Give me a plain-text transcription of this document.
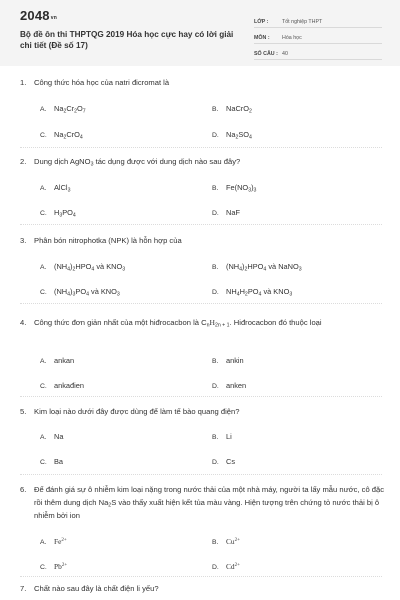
$2048^{vn}$
Bộ đề ôn thi THPTQG 2019 Hóa học cực hay có lời giải chi tiết (Đề số 17)
LỚP :	Tốt nghiệp THPT
MÔN :	Hóa học
SỐ CÂU : 40
1.	Công thức hóa học của natri đicromat là
A.	$Na_2Cr_2O_7$	B.	NaCrO$_2$
C. $Na_2CrO_4$	D. $Na_2SO_4$
2.	Dung dịch AgNO$_3$ tác dụng được với dung dịch nào sau đây?
A.	AlCl$_3$	B.	$Fe(NO_3)_3$
C. $H_3PO_4$	D. NaF
3.	Phân bón nitrophotka (NPK) là hỗn hợp của
A.	$(NH_4)_2HPO_4$ và $KNO_3$	B.	$(NH_4)_2HPO_4$ và NaNO$_3$
C. $(NH_4)_3PO_4$ và $KNO_3$	D. $NH_4H_2PO_4$ và $KNO_3$
4.	Công thức đơn giản nhất của một hiđrocacbon là $C_nH_{2n + 1}$. Hiđrocacbon đó thuộc loại
A.	ankan	B.	ankin
C. ankađien	D. anken
5.	Kim loại nào dưới đây được dùng để làm tế bào quang điện?
A.	Na	B.	Li
C. Ba	D. Cs
6.	Để đánh giá sự ô nhiễm kim loại nặng trong nước thải của một nhà máy, người ta lấy mẫu nước, cô đặc rồi thêm dung dịch $Na_2S$ vào thấy xuất hiện kết tủa màu vàng. Hiện tượng trên chứng tỏ nước thải bị ô nhiễm bởi ion
A.	$Fe^{2+}$	B.	$Cu^{2+}$
C. $Pb^{2+}$	D. $Cd^{2+}$
7.	Chất nào sau đây là chất điện li yếu?
